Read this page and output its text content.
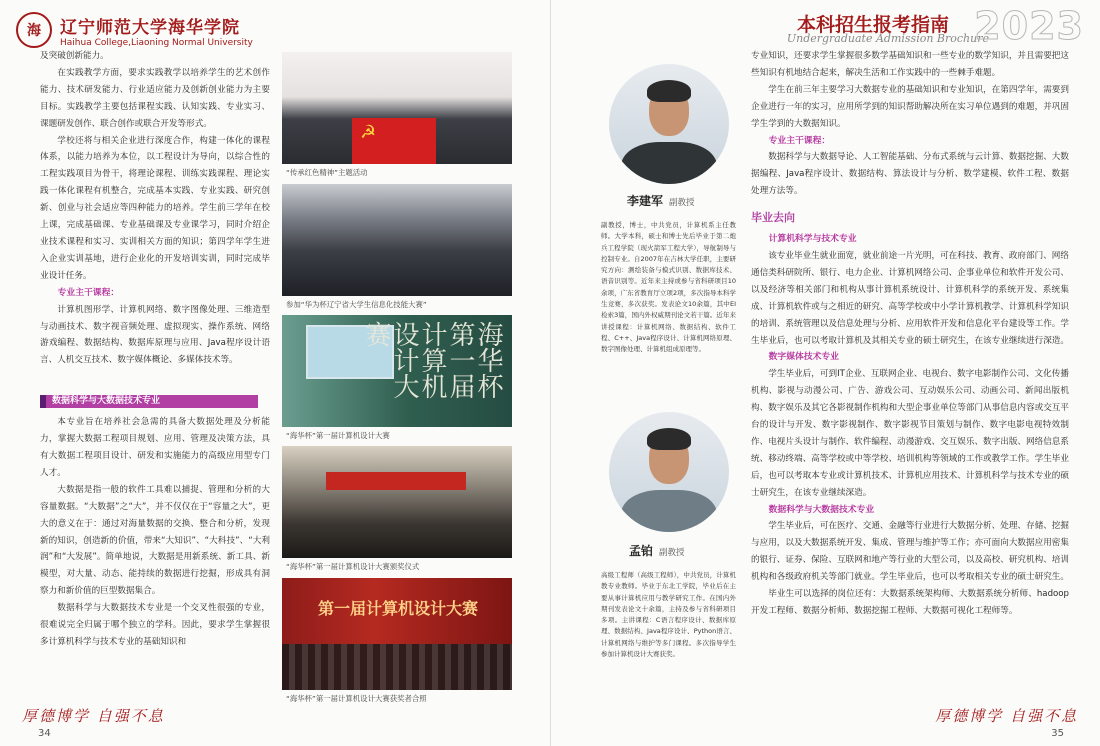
海	辽宁师范大学海华学院
Haihua College,Liaoning Normal University

及突破创新能力。

在实践教学方面，要求实践教学以培养学生的艺术创作能力、技术研发能力、行业适应能力及创新创业能力为主要目标。实践教学主要包括课程实践、认知实践、专业实习、课题研发创作、联合创作或联合开发等形式。

学校还将与相关企业进行深度合作，构建一体化的课程体系，以能力培养为本位，以工程设计为导向，以综合性的工程实践项目为骨干，将理论课程、训练实践课程、理论实践一体化课程有机整合，完成基本实践、专业实践、研究创新、创业与社会适应等四种能力的培养。学生前三学年在校上课，完成基础课、专业基础课及专业课学习，同时介绍企业技术课程和实习、实训相关方面的知识；第四学年学生进入企业实训基地，进行企业化的开发培训实训，同时完成毕业设计任务。

专业主干课程：

计算机图形学、计算机网络、数字图像处理、三维造型与动画技术、数字视音频处理、虚拟现实、操作系统、网络游戏编程、数据结构、数据库原理与应用、Java程序设计语言、人机交互技术、数字媒体概论、多媒体技术等。

数据科学与大数据技术专业

本专业旨在培养社会急需的具备大数据处理及分析能力，掌握大数据工程项目规划、应用、管理及决策方法，具有大数据工程项目设计、研发和实施能力的高级应用型专门人才。

大数据是指一般的软件工具难以捕捉、管理和分析的大容量数据。“大数据”之“大”，并不仅仅在于“容量之大”，更大的意义在于：通过对海量数据的交换、整合和分析，发现新的知识，创造新的价值，带来“大知识”、“大科技”、“大利润”和“大发展”。简单地说，大数据是用新系统、新工具、新模型，对大量、动态、能持续的数据进行挖掘，形成具有洞察力和新价值的巨型数据集合。

数据科学与大数据技术专业是一个交叉性很强的专业，很难说完全归属于哪个独立的学科。因此，要求学生掌握很多计算机科学与技术专业的基础知识和

☭
“传承红色精神”主题活动
参加“华为杯辽宁省大学生信息化技能大赛”
海华杯第一届计算机设计大赛
“海华杯”第一届计算机设计大赛
“海华杯”第一届计算机设计大赛颁奖仪式
第一届计算机设计大赛
“海华杯”第一届计算机设计大赛获奖者合照
厚德博学 自强不息
34
本科招生报考指南
Undergraduate Admission Brochure
2023
李建军 副教授
副教授，博士，中共党员，计算机系主任教师。大学本科，硕士和博士先后毕业于第二炮兵工程学院（现火箭军工程大学），导航制导与控制专业。自2007年在吉林大学任职，主要研究方向：测绘装备与模式识别、数据库技术、语音识别等。近年来主持或参与省科研项目10余项，广东省教育厅立项2项，多次指导本科学生竞赛，多次获奖。发表论文10余篇，其中EI检索3篇，国内外权威期刊论文若干篇。近年来讲授课程：计算机网络、数据结构、软件工程、C++、Java程序设计、计算机网络原理、数字图像处理、计算机组成原理等。
孟铂 副教授
高级工程师（高级工程师），中共党员，计算机教专业教师。毕业于东北工学院，毕业后在主要从事计算机应用与教学研究工作。在国内外期刊发表论文十余篇，主持及参与省科研项目多项。主讲课程：C语言程序设计、数据库原理、数据结构、Java程序设计、Python语言、计算机网络与维护等多门课程。多次指导学生参加计算机设计大赛获奖。

专业知识，还要求学生掌握很多数学基础知识和一些专业的数学知识，并且需要把这些知识有机地结合起来，解决生活和工作实践中的一些棘手难题。

学生在前三年主要学习大数据专业的基础知识和专业知识，在第四学年，需要到企业进行一年的实习，应用所学到的知识帮助解决所在实习单位遇到的难题，并巩固学生学到的大数据知识。

专业主干课程：

数据科学与大数据导论、人工智能基础、分布式系统与云计算、数据挖掘、大数据编程、Java程序设计、数据结构、算法设计与分析、数学建模、软件工程、数据处理方法等。

毕业去向

计算机科学与技术专业

该专业毕业生就业面宽，就业前途一片光明，可在科技、教育、政府部门、网络通信类科研院所、银行、电力企业、计算机网络公司、企事业单位和软件开发公司、以及经济等相关部门和机构从事计算机系统设计、计算机科学的系统开发、系统集成、计算机软件或与之相近的研究、高等学校或中小学计算机教学、计算机科学知识的培训、系统管理以及信息处理与分析、应用软件开发和信息化平台建设等工作。学生毕业后，也可以考取计算机及其相关专业的硕士研究生，在该专业继续进行深造。

数字媒体技术专业

学生毕业后，可到IT企业、互联网企业、电视台、数字电影制作公司、文化传播机构、影视与动漫公司、广告、游戏公司、互动娱乐公司、动画公司、新闻出版机构、数字娱乐及其它各影视制作机构和大型企事业单位等部门从事信息内容或交互平台的设计与开发、数字影视制作、数字影视节目策划与制作、数字电影电视特效制作、电视片头设计与制作、软件编程、动漫游戏、交互娱乐、数字出版、网络信息系统、移动终端、高等学校或中等学校、培训机构等领域的工作或教学工作。学生毕业后，也可以考取本专业或计算机技术、计算机应用技术、计算机科学与技术专业的硕士研究生，在该专业继续深造。

数据科学与大数据技术专业

学生毕业后，可在医疗、交通、金融等行业进行大数据分析、处理、存储、挖掘与应用，以及大数据系统开发、集成、管理与维护等工作；亦可面向大数据应用密集的银行、证券、保险、互联网和地产等行业的大型公司，以及高校、研究机构、培训机构和各级政府机关等部门就业。学生毕业后，也可以考取相关专业的硕士研究生。

毕业生可以选择的岗位还有：大数据系统架构师、大数据系统分析师、hadoop开发工程师、数据分析师、数据挖掘工程师、大数据可视化工程师等。

厚德博学 自强不息
35
